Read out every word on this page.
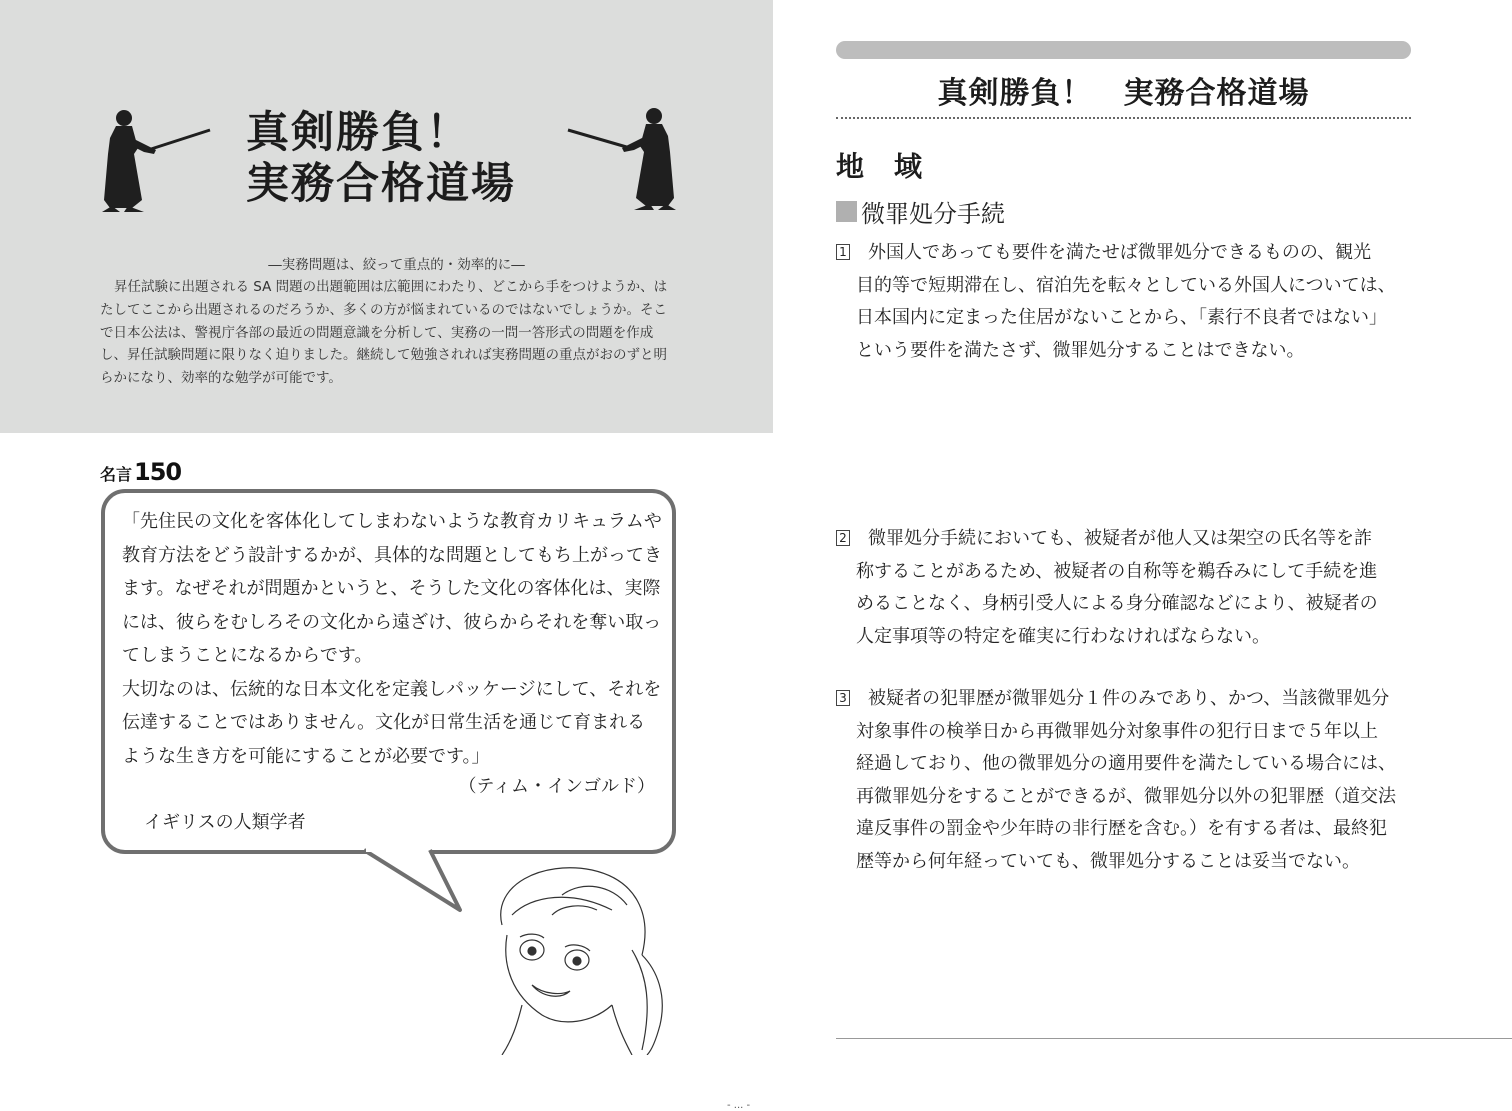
真剣勝負！
実務合格道場
―実務問題は、絞って重点的・効率的に―
昇任試験に出題される SA 問題の出題範囲は広範囲にわたり、どこから手をつけようか、はたしてここから出題されるのだろうか、多くの方が悩まれているのではないでしょうか。そこで日本公法は、警視庁各部の最近の問題意識を分析して、実務の一問一答形式の問題を作成し、昇任試験問題に限りなく迫りました。継続して勉強されれば実務問題の重点がおのずと明らかになり、効率的な勉学が可能です。
名言 150

「先住民の文化を客体化してしまわないような教育カリキュラムや教育方法をどう設計するかが、具体的な問題としてもち上がってきます。なぜそれが問題かというと、そうした文化の客体化は、実際には、彼らをむしろその文化から遠ざけ、彼らからそれを奪い取ってしまうことになるからです。

大切なのは、伝統的な日本文化を定義しパッケージにして、それを伝達することではありません。文化が日常生活を通じて育まれるような生き方を可能にすることが必要です。」

（ティム・インゴルド）
イギリスの人類学者
- ... -
真剣勝負！　実務合格道場
地　域
微罪処分手続
1 外国人であっても要件を満たせば微罪処分できるものの、観光
目的等で短期滞在し、宿泊先を転々としている外国人については、
日本国内に定まった住居がないことから、「素行不良者ではない」
という要件を満たさず、微罪処分することはできない。
2 微罪処分手続においても、被疑者が他人又は架空の氏名等を詐
称することがあるため、被疑者の自称等を鵜呑みにして手続を進
めることなく、身柄引受人による身分確認などにより、被疑者の
人定事項等の特定を確実に行わなければならない。
3 被疑者の犯罪歴が微罪処分１件のみであり、かつ、当該微罪処分
対象事件の検挙日から再微罪処分対象事件の犯行日まで５年以上
経過しており、他の微罪処分の適用要件を満たしている場合には、
再微罪処分をすることができるが、微罪処分以外の犯罪歴（道交法
違反事件の罰金や少年時の非行歴を含む。）を有する者は、最終犯
歴等から何年経っていても、微罪処分することは妥当でない。
